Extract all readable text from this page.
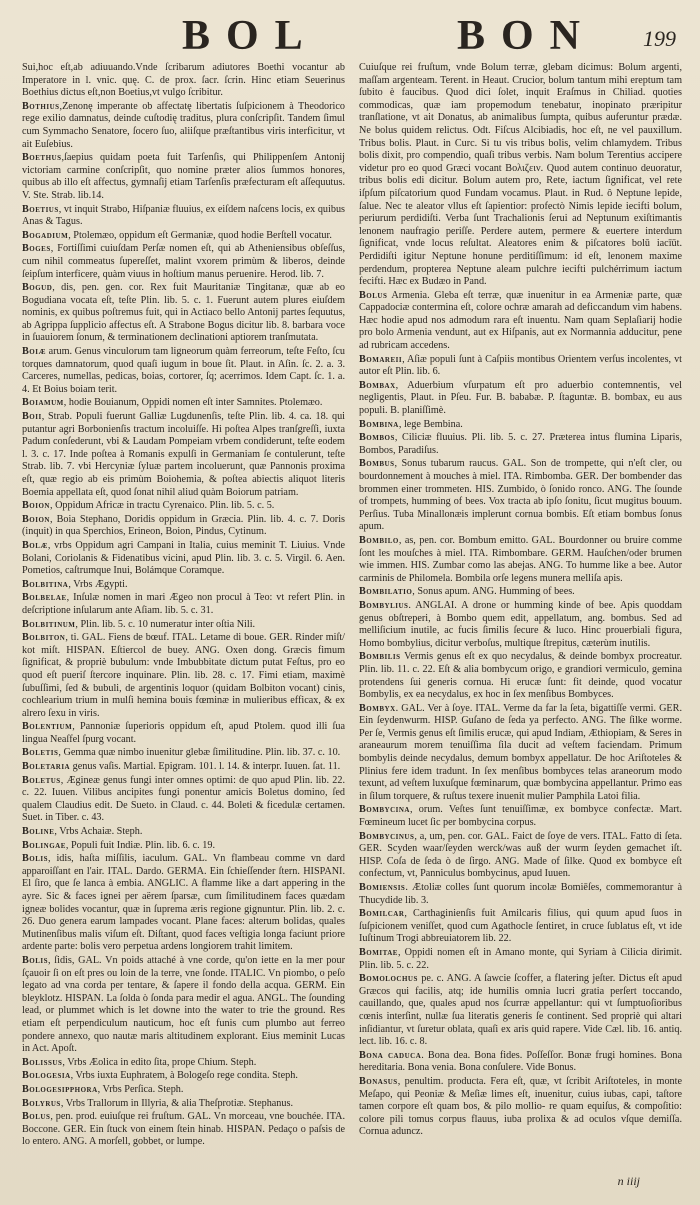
BOL	BON 199

Sui,hoc eſt,ab adiuuando.Vnde ſcribarum adiutores Boethi vocantur ab Imperatore in l. vnic. quę. C. de prox. ſacr. ſcrin. Hinc etiam Seuerinus Boethius dictus eſt,non Boetius,vt vulgo ſcribitur.

Bothius,Zenonę imperante ob affectatę libertatis ſuſpicionem à Theodorico rege exilio damnatus, deinde cuſtodię traditus, plura conſcripſit. Tandem ſimul cum Symmacho Senatore, ſocero ſuo, aliiſque præſtantibus viris interficitur, vt ait Euſebius.

Boethus,ſaepius quidam poeta fuit Tarſenſis, qui Philippenſem Antonij victoriam carmine conſcripſit, quo nomine præter alios ſummos honores, quibus ab illo eſt affectus, gymnaſij etiam Tarſenſis præfecturam eſt aſſequutus. V. Ste. Strab. lib.14.

Boetius, vt inquit Strabo, Hiſpaniæ fluuius, ex eiſdem naſcens locis, ex quibus Anas & Tagus.

Bogadium, Ptolemæo, oppidum eſt Germaniæ, quod hodie Berſtell vocatur.

Boges, Fortiſſimi cuiuſdam Perſæ nomen eſt, qui ab Atheniensibus obſeſſus, cum nihil commeatus ſupereſſet, malint vxorem primùm & liberos, deinde ſeipſum interficere, quàm viuus in hoſtium manus peruenire. Herod. lib. 7.

Bogud, dis, pen. gen. cor. Rex fuit Mauritaniæ Tingitanæ, quæ ab eo Bogudiana vocata eſt, teſte Plin. lib. 5. c. 1. Fuerunt autem plures eiuſdem nominis, ex quibus poſtremus fuit, qui in Actiaco bello Antonij partes ſequutus, ab Agrippa ſupplicio affectus eſt. A Strabone Bogus dicitur lib. 8. barbara voce in ſuauiorem ſonum, & terminationem declinationi aptiorem tranſmutata.

Boiæ arum. Genus vinculorum tam ligneorum quàm ferreorum, teſte Feſto, ſcu torques damnatorum, quod quaſi iugum in boue ſit. Plaut. in Aſin. ſc. 2. a. 3. Carceres, numellas, pedicas, boias, cortorer, ſq; acerrimos. Idem Capt. ſc. 1. a. 4. Et Boius boiam terit.

Boiamum, hodie Bouianum, Oppidi nomen eſt inter Samnites. Ptolemæo.

Boii, Strab. Populi fuerunt Galliæ Lugdunenſis, teſte Plin. lib. 4. ca. 18. qui putantur agri Borbonienſis tractum incoluiſſe. Hi poſtea Alpes tranſgreſſi, iuxta Padum conſederunt, vbi & Laudam Pompeiam vrbem condiderunt, teſte eodem l. 3. c. 17. Inde poſtea à Romanis expulſi in Germaniam ſe contulerunt, teſte Strab. lib. 7. vbi Hercyniæ ſyluæ partem incoluerunt, quæ Pannonis proxima eſt, quæ regio ab eis primùm Boiohemia, & poſtea abiectis aliquot literis Boemia appellata eſt, quod ſonat nihil aliud quàm Boiorum patriam.

Boion, Oppidum Africæ in tractu Cyrenaico. Plin. lib. 5. c. 5.

Boion, Boia Stephano, Doridis oppidum in Græcia. Plin. lib. 4. c. 7. Doris (inquit) in qua Sperchios, Erineon, Boion, Pindus, Cytinum.

Bolæ, vrbs Oppidum agri Campani in Italia, cuius meminit T. Liuius. Vnde Bolani, Coriolanis & Fidenatibus vicini, apud Plin. lib. 3. c. 5. Virgil. 6. Aen. Pometios, caſtrumque Inui, Bolámque Coramque.

Bolbitina, Vrbs Ægypti.

Bolbelae, Inſulæ nomen in mari Ægeo non procul à Teo: vt refert Plin. in deſcriptione inſularum ante Aſiam. lib. 5. c. 31.

Bolbitinum, Plin. lib. 5. c. 10 numeratur inter oſtia Nili.

Bolbiton, ti. GAL. Fiens de bœuf. ITAL. Letame di boue. GER. Rinder miſt/ kot miſt. HISPAN. Eſtiercol de buey. ANG. Oxen dong. Græcis fimum ſignificat, & propriè bubulum: vnde Imbubbitate dictum putat Feſtus, pro eo quod eſt pueriſ ſtercore inquinare. Plin. lib. 28. c. 17. Fimi etiam, maximè ſubuſſimi, ſed & bubuli, de argentinis loquor (quidam Bolbiton vocant) cinis, cochlearium trium in mulſi hemina bouis fœminæ in mulieribus efficax, & ex alrero ſexu in viris.

Bolentium, Pannoniæ ſuperioris oppidum eſt, apud Ptolem. quod illi ſua lingua Neaſfel ſpurg vocant.

Boletis, Gemma quæ nimbo inuenitur glebæ ſimilitudine. Plin. lib. 37. c. 10.

Boletaria genus vaſis. Martial. Epigram. 101. l. 14. & interpr. Iuuen. ſat. 11.

Boletus, Ægineæ genus fungi inter omnes optimi: de quo apud Plin. lib. 22. c. 22. Iuuen. Vilibus ancipites fungi ponentur amicis Boletus domino, ſed qualem Claudius edit. De Sueto. in Claud. c. 44. Boleti & ficedulæ certamen. Suet. in Tiber. c. 43.

Boline, Vrbs Achaiæ. Steph.

Bolingae, Populi fuit Indiæ. Plin. lib. 6. c. 19.

Bolis, idis, haſta miſſilis, iaculum. GAL. Vn flambeau comme vn dard apparoiſſant en l'air. ITAL. Dardo. GERMA. Ein ſchieſſender ſtern. HISPANI. El ſiro, que ſe lanca à embia. ANGLIC. A flamme like a dart appering in the ayre. Sic & faces ignei per aërem ſparsæ, cum ſimilitudinem faces quædam igneæ bolides vocantur, quæ in ſuprema æris regione gignuntur. Plin. lib. 2. c. 26. Duo genera earum lampades vocant. Plane faces: alterum bolidas, quales Mutinenſibus malis viſum eſt. Diſtant, quod faces veſtigia longa faciunt priore ardente parte: bolis vero perpetua ardens longiorem trahit limitem.

Bolis, ſidis, GAL. Vn poids attaché à vne corde, qu'on iette en la mer pour ſçauoir ſi on eſt pres ou loin de la terre, vne ſonde. ITALIC. Vn piombo, o peſo legato ad vna corda per tentare, & ſapere il fondo della acqua. GERM. Ein bleyklotz. HISPAN. La ſolda ò ſonda para medir el agua. ANGL. The ſounding lead, or plummet which is let downe into the water to trie the ground. Res etiam eſt perpendiculum nauticum, hoc eſt funis cum plumbo aut ferreo pondere annexo, quo nautæ maris altitudinem explorant. Eius meminit Lucas in Act. Apoſt.

Bolissus, Vrbs Æolica in edito ſita, prope Chium. Steph.

Bologesia, Vrbs iuxta Euphratem, à Bologeſo rege condita. Steph.

Bologesipphora, Vrbs Perſica. Steph.

Bolyrus, Vrbs Trallorum in Illyria, & alia Theſprotiæ. Stephanus.

Bolus, pen. prod. euiuſque rei fruſtum. GAL. Vn morceau, vne bouchée. ITA. Boccone. GER. Ein ſtuck von einem ſtein hinab. HISPAN. Pedaço o paſsis de lo entero. ANG. A morſell, gobbet, or lumpe.

Cuiuſque rei fruſtum, vnde Bolum terræ, glebam dicimus: Bolum argenti, maſſam argenteam. Terent. in Heaut. Crucior, bolum tantum mihi ereptum tam ſubito è faucibus. Quod dici ſolet, inquit Eraſmus in Chiliad. quoties commodicas, quæ iam propemodum tenebatur, inopinato præripitur tranſlatione, vt ait Donatus, ab animalibus ſumpta, quibus auferuntur prædæ. Ne bolus quidem relictus. Odt. Fiſcus Alcibiadis, hoc eſt, ne vel pauxillum. Tribus bolis. Plaut. in Curc. Si tu vis tribus bolis, velim chlamydem. Tribus bolis dixit, pro compendio, quaſi tribus verbis. Nam bolum Terentius accipere videtur pro eo quod Græci vocant Βολιζειν. Quod autem continuo deuoratur, tribus bolis edi dicitur. Bolum autem pro, Rete, iactum ſignificat, vel rete iſpſum piſcatorium quod Fundam vocamus. Plaut. in Rud. ô Neptune lepide, ſalue. Nec te aleator vllus eſt ſapientior: profectò Nimis lepide iecifti bolum, periurum perdidiſti. Verba ſunt Trachalionis ſerui ad Neptunum exiſtimantis lenonem naufragio periſſe. Perdere autem, permere & euertere interdum ſignificat, vnde locus reſultat. Aleatores enim & piſcatores bolū iacīūt. Perdidiſti igitur Neptune honune perditiſſimum: id eſt, lenonem maxime perdendum, propterea Neptune aleam pulchre iecifti pulchérrimum iactum fecifti. Hæc ex Budæo in Pand.

Bolus Armenia. Gleba eſt terræ, quæ inuenitur in ea Armeniæ parte, quæ Cappadociæ contermina eſt, colore ochræ amarah ad deficcandum vim habens. Hæc hodie apud nos admodum rara eſt inuentu. Nam quam Seplaſiarij hodie pro bolo Armenia vendunt, aut ex Hiſpanis, aut ex Normannia adducitur, pene ad rubricam accedens.

Bomareii, Aſiæ populi ſunt à Caſpiis montibus Orientem verſus incolentes, vt autor eſt Plin. lib. 6.

Bombax, Aduerbium vſurpatum eſt pro aduerbio contemnentis, vel negligentis, Plaut. in Pſeu. Fur. B. bababæ. P. ſtaguntæ. B. bombax, eu aus populi. B. planiſſimè.

Bombina, lege Bembina.

Bombos, Ciliciæ fluuius. Pli. lib. 5. c. 27. Præterea intus flumina Liparis, Bombos, Paradiſus.

Bombus, Sonus tubarum raucus. GAL. Son de trompette, qui n'eſt cler, ou bourdonnement à mouches à miel. ITA. Rimbomba. GER. Der bombender das brommen einer trommeten. HIS. Zumbido, ò ſonido ronco. ANG. The ſounde of trompets, humming of bees. Vox tracta ab ipſo ſonitu, ſicut mugitus bouum. Perſius. Tuba Minallonæis implerunt cornua bombis. Eſt etiam bombus ſonus apum.

Bombilo, as, pen. cor. Bombum emitto. GAL. Bourdonner ou bruire comme ſont les mouſches à miel. ITA. Rimbombare. GERM. Hauſchen/oder brumen wie immen. HIS. Zumbar como las abejas. ANG. To humme like a bee. Autor carminis de Philomela. Bombila orſe legens munera melliſa apis.

Bombilatio, Sonus apum. ANG. Humming of bees.

Bombylius. ANGLAI. A drone or humming kinde of bee. Apis quoddam genus obſtreperi, à Bombo quem edit, appellatum, ang. bombus. Sed ad melliſicium inutile, ac fucis ſimilis ſecure & luco. Hinc prouerbiali figura, Homo bombylius, dicitur verboſus, multique ſtrepitus, cæterùm inutilis.

Bombilis Vermis genus eſt ex quo necydalus, & deinde bombyx procreatur. Plin. lib. 11. c. 22. Eſt & alia bombycum origo, e grandiori vermiculo, gemina protendens ſui generis cornua. Hi erucæ ſunt: fit deinde, quod vocatur Bombylis, ex ea necydalus, ex hoc in ſex menſibus Bombyces.

Bombyx. GAL. Ver à ſoye. ITAL. Verme da far la ſeta, bigattiſſe vermi. GER. Ein ſeydenwurm. HISP. Guſano de ſeda ya perfecto. ANG. The ſilke worme. Per ſe, Vermis genus eſt ſimilis erucæ, qui apud Indiam, Æthiopiam, & Seres in araneaurum morem tenuiſſima ſila ducit ad veſtem faciendam. Primum bombylis deinde necydalus, demum bombyx appellatur. De hoc Ariſtoteles & Plinius fere idem tradunt. In ſex menſibus bombyces telas araneorum modo texunt, ad veſtem luxuſque fœminarum, quæ bombycina appellantur. Primo eas in ſilum torquere, & ruſtus texere inuenit mulier Pamphila Latoi filia.

Bombycina, orum. Veſtes ſunt tenuiſſimæ, ex bombyce confectæ. Mart. Fœmineum lucet ſic per bombycina corpus.

Bombycinus, a, um, pen. cor. GAL. Faict de ſoye de vers. ITAL. Fatto di ſeta. GER. Scyden waar/ſeyden werck/was auß der wurm ſeyden gemachet iſt. HISP. Coſa de ſeda ò de ſirgo. ANG. Made of ſilke. Quod ex bombyce eſt confectum, vt, Panniculus bombycinus, apud Iuuen.

Bomiensis. Ætoliæ colles ſunt quorum incolæ Bomiēſes, commemorantur à Thucydide lib. 3.

Bomilcar, Carthaginienſis fuit Amilcaris filius, qui quum apud ſuos in ſuſpicionem veniſſet, quod cum Agathocle ſentiret, in cruce ſublatus eſt, vt ide Iuſtinum Trogi abbreuiatorem lib. 22.

Bomitae, Oppidi nomen eſt in Amano monte, qui Syriam à Cilicia dirimit. Plin. lib. 5. c. 22.

Bomolochus pe. c. ANG. A ſawcie ſcoffer, a flatering jeſter. Dictus eſt apud Græcos qui facilis, atq; ide humilis omnia lucri gratia perſert toccando, cauillando, que, quales apud nos ſcurræ appellantur: qui vt ſumptuoſioribus cœnis interſint, nullæ ſua literatis generis ſe continent. Sed propriè qui altari inſidiantur, vt ſuretur oblata, quaſi ex aris quid rapere. Vide Cæl. lib. 16. antiq. lect. lib. 16. c. 8.

Bona caduca. Bona dea. Bona fides. Poſſeſſor. Bonæ frugi homines. Bona hereditaria. Bona venia. Bona conſulere. Vide Bonus.

Bonasus, penultim. producta. Fera eſt, quæ, vt ſcribit Ariſtoteles, in monte Meſapo, qui Peoniæ & Meſiæ limes eſt, inuenitur, cuius iubas, capi, taſtore tamen corpore eſt quam bos, & pilo mollio- re quam equiſus, & compoſitio: colore pili tomus corpus flauus, iuba prolixa & ad oculos vſque demiſſa. Cornua aduncz.

n iiij
